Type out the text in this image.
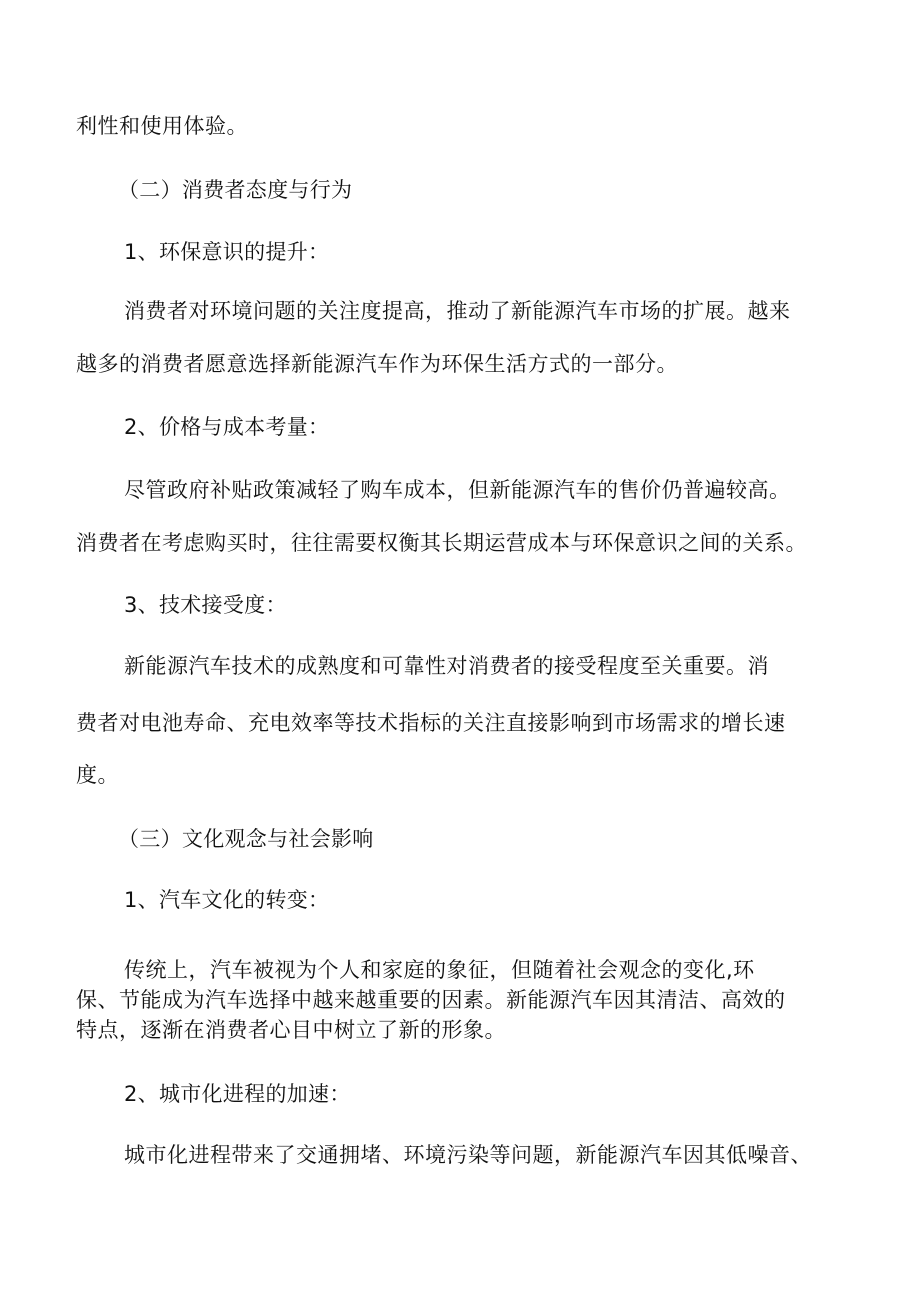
利性和使用体验。

（二）消费者态度与行为

1、环保意识的提升：

消费者对环境问题的关注度提高，推动了新能源汽车市场的扩展。越来

越多的消费者愿意选择新能源汽车作为环保生活方式的一部分。

2、价格与成本考量：

尽管政府补贴政策减轻了购车成本，但新能源汽车的售价仍普遍较高。

消费者在考虑购买时，往往需要权衡其长期运营成本与环保意识之间的关系。

3、技术接受度：

新能源汽车技术的成熟度和可靠性对消费者的接受程度至关重要。消

费者对电池寿命、充电效率等技术指标的关注直接影响到市场需求的增长速

度。

（三）文化观念与社会影响

1、汽车文化的转变：

传统上，汽车被视为个人和家庭的象征，但随着社会观念的变化,环

保、节能成为汽车选择中越来越重要的因素。新能源汽车因其清洁、高效的

特点，逐渐在消费者心目中树立了新的形象。

2、城市化进程的加速：

城市化进程带来了交通拥堵、环境污染等问题，新能源汽车因其低噪音、
